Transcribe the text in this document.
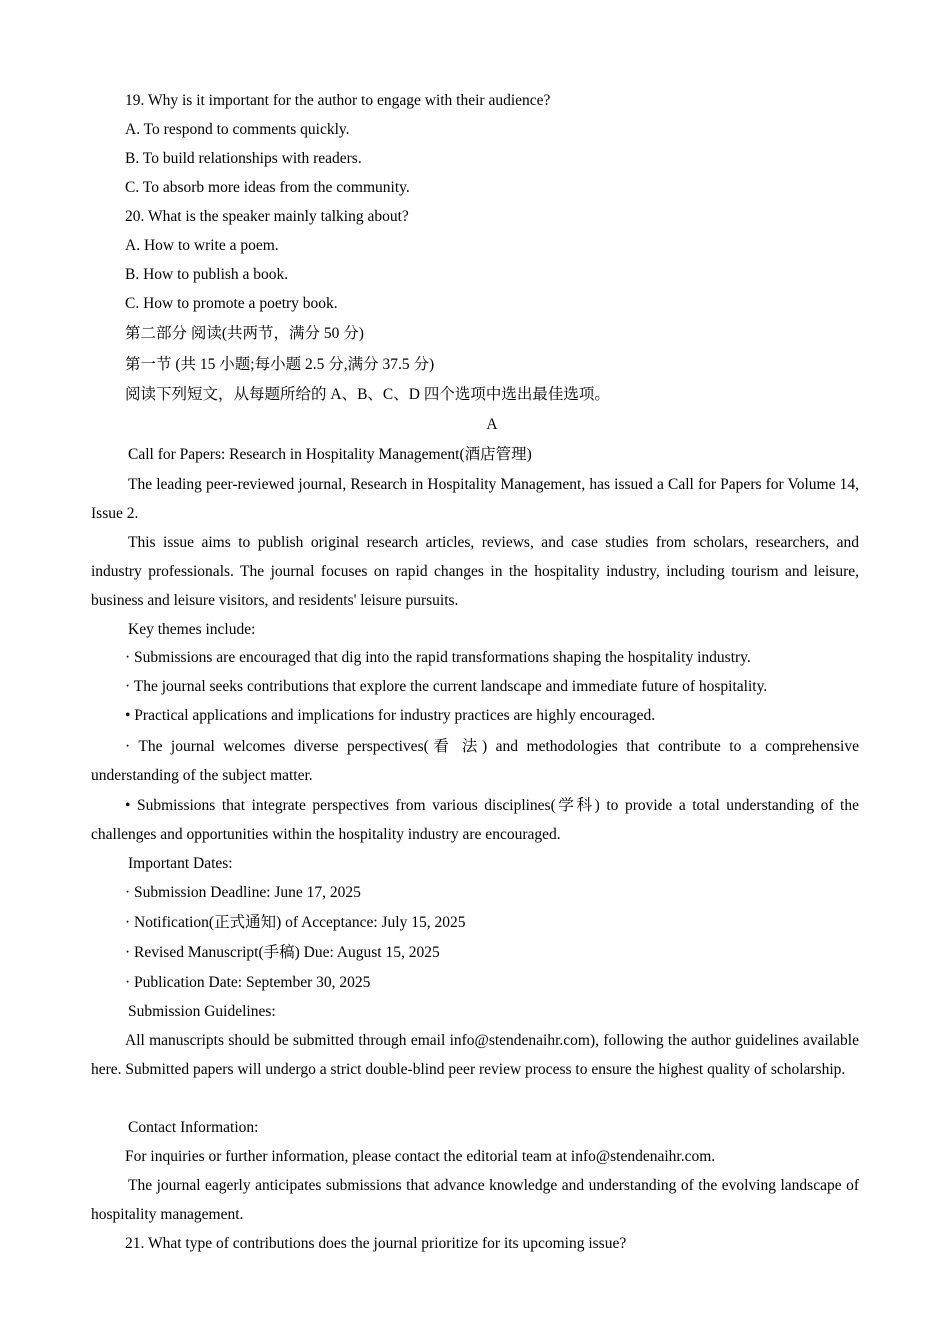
19. Why is it important for the author to engage with their audience?
A. To respond to comments quickly.
B. To build relationships with readers.
C. To absorb more ideas from the community.
20. What is the speaker mainly talking about?
A. How to write a poem.
B. How to publish a book.
C. How to promote a poetry book.
第二部分 阅读(共两节，满分 50 分)
第一节 (共 15 小题;每小题 2.5 分,满分 37.5 分)
阅读下列短文，从每题所给的 A、B、C、D 四个选项中选出最佳选项。
A
Call for Papers: Research in Hospitality Management(酒店管理)
The leading peer-reviewed journal, Research in Hospitality Management, has issued a Call for Papers for Volume 14, Issue 2.
This issue aims to publish original research articles, reviews, and case studies from scholars, researchers, and industry professionals. The journal focuses on rapid changes in the hospitality industry, including tourism and leisure, business and leisure visitors, and residents' leisure pursuits.
Key themes include:
· Submissions are encouraged that dig into the rapid transformations shaping the hospitality industry.
· The journal seeks contributions that explore the current landscape and immediate future of hospitality.
• Practical applications and implications for industry practices are highly encouraged.
· The journal welcomes diverse perspectives(看 法) and methodologies that contribute to a comprehensive understanding of the subject matter.
• Submissions that integrate perspectives from various disciplines(学科) to provide a total understanding of the challenges and opportunities within the hospitality industry are encouraged.
Important Dates:
· Submission Deadline: June 17, 2025
· Notification(正式通知) of Acceptance: July 15, 2025
· Revised Manuscript(手稿) Due: August 15, 2025
· Publication Date: September 30, 2025
Submission Guidelines:
All manuscripts should be submitted through email info@stendenaihr.com), following the author guidelines available here. Submitted papers will undergo a strict double-blind peer review process to ensure the highest quality of scholarship.
Contact Information:
For inquiries or further information, please contact the editorial team at info@stendenaihr.com.
The journal eagerly anticipates submissions that advance knowledge and understanding of the evolving landscape of hospitality management.
21. What type of contributions does the journal prioritize for its upcoming issue?
